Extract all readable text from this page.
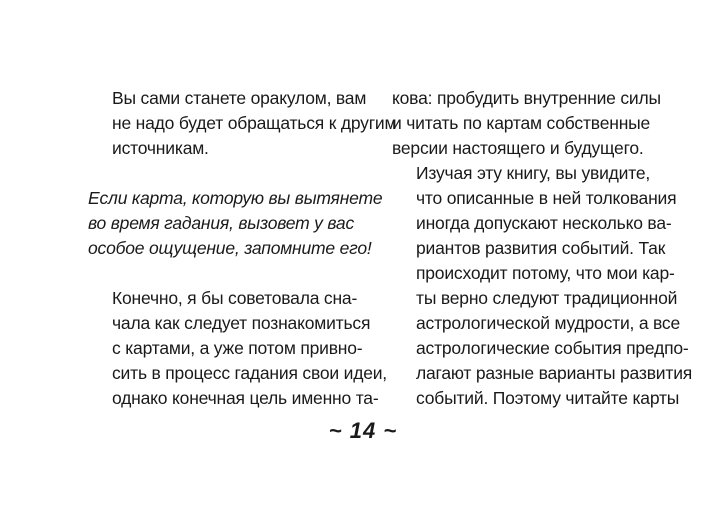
Вы сами станете оракулом, вам
не надо будет обращаться к другим
источникам.

Если карта, которую вы вытянете
во время гадания, вызовет у вас
особое ощущение, запомните его!

Конечно, я бы советовала сна-
чала как следует познакомиться
с картами, а уже потом привно-
сить в процесс гадания свои идеи,
однако конечная цель именно та-

кова: пробудить внутренние силы
и читать по картам собственные
версии настоящего и будущего.

Изучая эту книгу, вы увидите,
что описанные в ней толкования
иногда допускают несколько ва-
риантов развития событий. Так
происходит потому, что мои кар-
ты верно следуют традиционной
астрологической мудрости, а все
астрологические события предпо-
лагают разные варианты развития
событий. Поэтому читайте карты

~ 14 ~
